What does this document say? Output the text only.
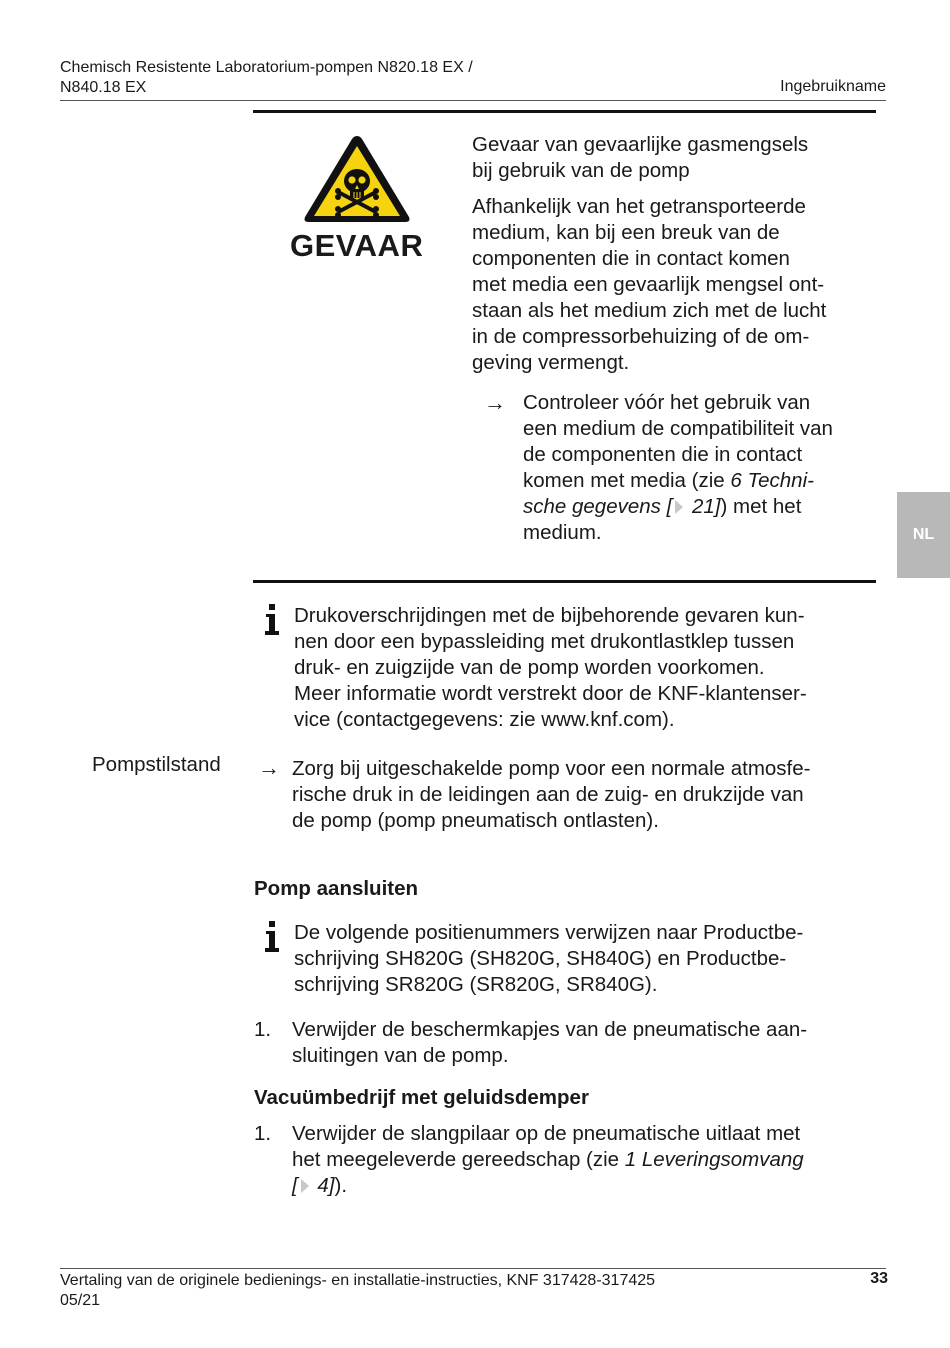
Chemisch Resistente Laboratorium-pompen N820.18 EX /
N840.18 EX	Ingebruikname
GEVAAR
Gevaar van gevaarlijke gasmengsels
bij gebruik van de pomp
Afhankelijk van het getransporteerde
medium, kan bij een breuk van de
componenten die in contact komen
met media een gevaarlijk mengsel ont-
staan als het medium zich met de lucht
in de compressorbehuizing of de om-
geving vermengt.
→ Controleer vóór het gebruik van
een medium de compatibiliteit van
de componenten die in contact
komen met media (zie 6 Techni-
sche gegevens [ 21]) met het
medium.	NL
Drukoverschrijdingen met de bijbehorende gevaren kun-
nen door een bypassleiding met drukontlastklep tussen
druk- en zuigzijde van de pomp worden voorkomen.
Meer informatie wordt verstrekt door de KNF-klantenser-
vice (contactgegevens: zie www.knf.com).
Pompstilstand → Zorg bij uitgeschakelde pomp voor een normale atmosfe-
rische druk in de leidingen aan de zuig- en drukzijde van
de pomp (pomp pneumatisch ontlasten).
Pomp aansluiten
De volgende positienummers verwijzen naar Productbe-
schrijving SH820G (SH820G, SH840G) en Productbe-
schrijving SR820G (SR820G, SR840G).
1. Verwijder de beschermkapjes van de pneumatische aan-
sluitingen van de pomp.
Vacuümbedrijf met geluidsdemper
1. Verwijder de slangpilaar op de pneumatische uitlaat met
het meegeleverde gereedschap (zie 1 Leveringsomvang
[ 4]).
Vertaling van de originele bedienings- en installatie-instructies, KNF 317428-317425
05/21
33
